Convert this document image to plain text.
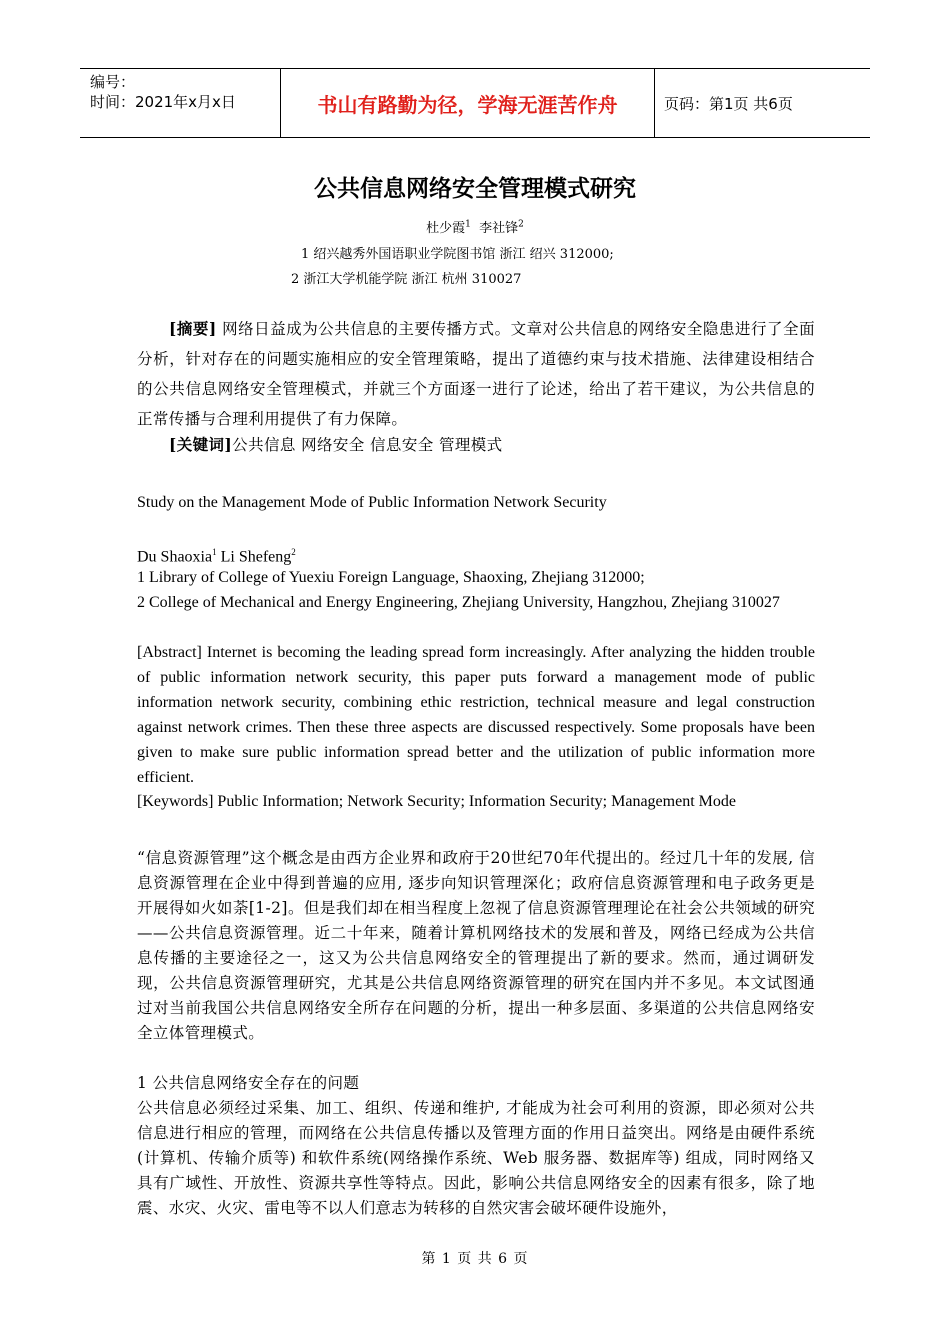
编号：
时间：2021年x月x日	书山有路勤为径，学海无涯苦作舟	页码：第1页 共6页
公共信息网络安全管理模式研究
杜少霞$^1$ 李社锋$^2$
1 绍兴越秀外国语职业学院图书馆 浙江 绍兴 312000;
2 浙江大学机能学院 浙江 杭州 310027
[摘要] 网络日益成为公共信息的主要传播方式。文章对公共信息的网络安全隐患进行了全面分析，针对存在的问题实施相应的安全管理策略，提出了道德约束与技术措施、法律建设相结合的公共信息网络安全管理模式，并就三个方面逐一进行了论述，给出了若干建议，为公共信息的正常传播与合理利用提供了有力保障。
[关键词]公共信息 网络安全 信息安全 管理模式
Study on the Management Mode of Public Information Network Security
Du Shaoxia$^1$ Li Shefeng$^2$
1 Library of College of Yuexiu Foreign Language, Shaoxing, Zhejiang 312000;
2 College of Mechanical and Energy Engineering, Zhejiang University, Hangzhou, Zhejiang 310027
[Abstract] Internet is becoming the leading spread form increasingly. After analyzing the hidden trouble of public information network security, this paper puts forward a management mode of public information network security, combining ethic restriction, technical measure and legal construction against network crimes. Then these three aspects are discussed respectively. Some proposals have been given to make sure public information spread better and the utilization of public information more efficient.
[Keywords] Public Information; Network Security; Information Security; Management Mode
“信息资源管理”这个概念是由西方企业界和政府于20世纪70年代提出的。经过几十年的发展, 信息资源管理在企业中得到普遍的应用, 逐步向知识管理深化；政府信息资源管理和电子政务更是开展得如火如荼[1-2]。但是我们却在相当程度上忽视了信息资源管理理论在社会公共领域的研究——公共信息资源管理。近二十年来，随着计算机网络技术的发展和普及，网络已经成为公共信息传播的主要途径之一，这又为公共信息网络安全的管理提出了新的要求。然而，通过调研发现，公共信息资源管理研究，尤其是公共信息网络资源管理的研究在国内并不多见。本文试图通过对当前我国公共信息网络安全所存在问题的分析，提出一种多层面、多渠道的公共信息网络安全立体管理模式。
1 公共信息网络安全存在的问题
公共信息必须经过采集、加工、组织、传递和维护, 才能成为社会可利用的资源，即必须对公共信息进行相应的管理，而网络在公共信息传播以及管理方面的作用日益突出。网络是由硬件系统(计算机、传输介质等) 和软件系统(网络操作系统、Web 服务器、数据库等) 组成，同时网络又具有广域性、开放性、资源共享性等特点。因此，影响公共信息网络安全的因素有很多，除了地震、水灾、火灾、雷电等不以人们意志为转移的自然灾害会破坏硬件设施外，
第 1 页 共 6 页
